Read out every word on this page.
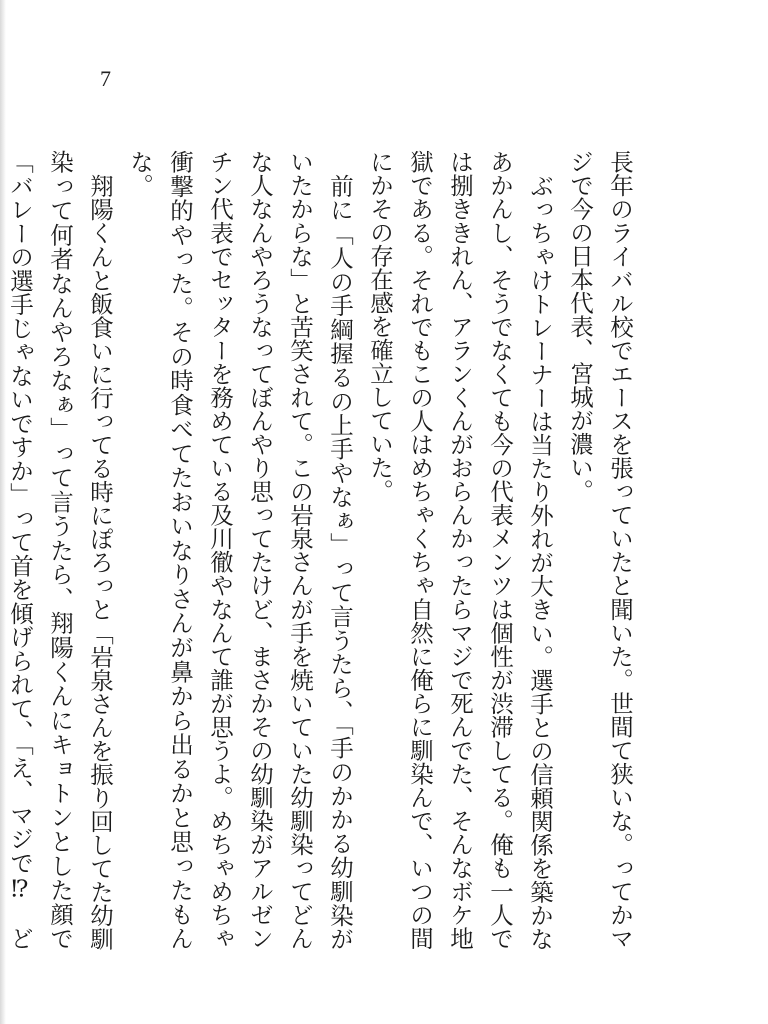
7

長年のライバル校でエースを張っていたと聞いた。世間て狭いな。ってかマジで今の日本代表、宮城が濃い。

ぶっちゃけトレーナーは当たり外れが大きい。選手との信頼関係を築かなあかんし、そうでなくても今の代表メンツは個性が渋滞してる。俺も一人では捌ききれん、アランくんがおらんかったらマジで死んでた、そんなボケ地獄である。それでもこの人はめちゃくちゃ自然に俺らに馴染んで、いつの間にかその存在感を確立していた。

前に「人の手綱握るの上手やなぁ」って言うたら、「手のかかる幼馴染がいたからな」と苦笑されて。この岩泉さんが手を焼いていた幼馴染ってどんな人なんやろうなってぼんやり思ってたけど、まさかその幼馴染がアルゼンチン代表でセッターを務めている及川徹やなんて誰が思うよ。めちゃめちゃ衝撃的やった。その時食べてたおいなりさんが鼻から出るかと思ったもんな。

翔陽くんと飯食いに行ってる時にぽろっと「岩泉さんを振り回してた幼馴染って何者なんやろなぁ」って言うたら、翔陽くんにキョトンとした顔で「バレーの選手じゃないですか」って首を傾げられて、「え、マジで⁉　ど　
